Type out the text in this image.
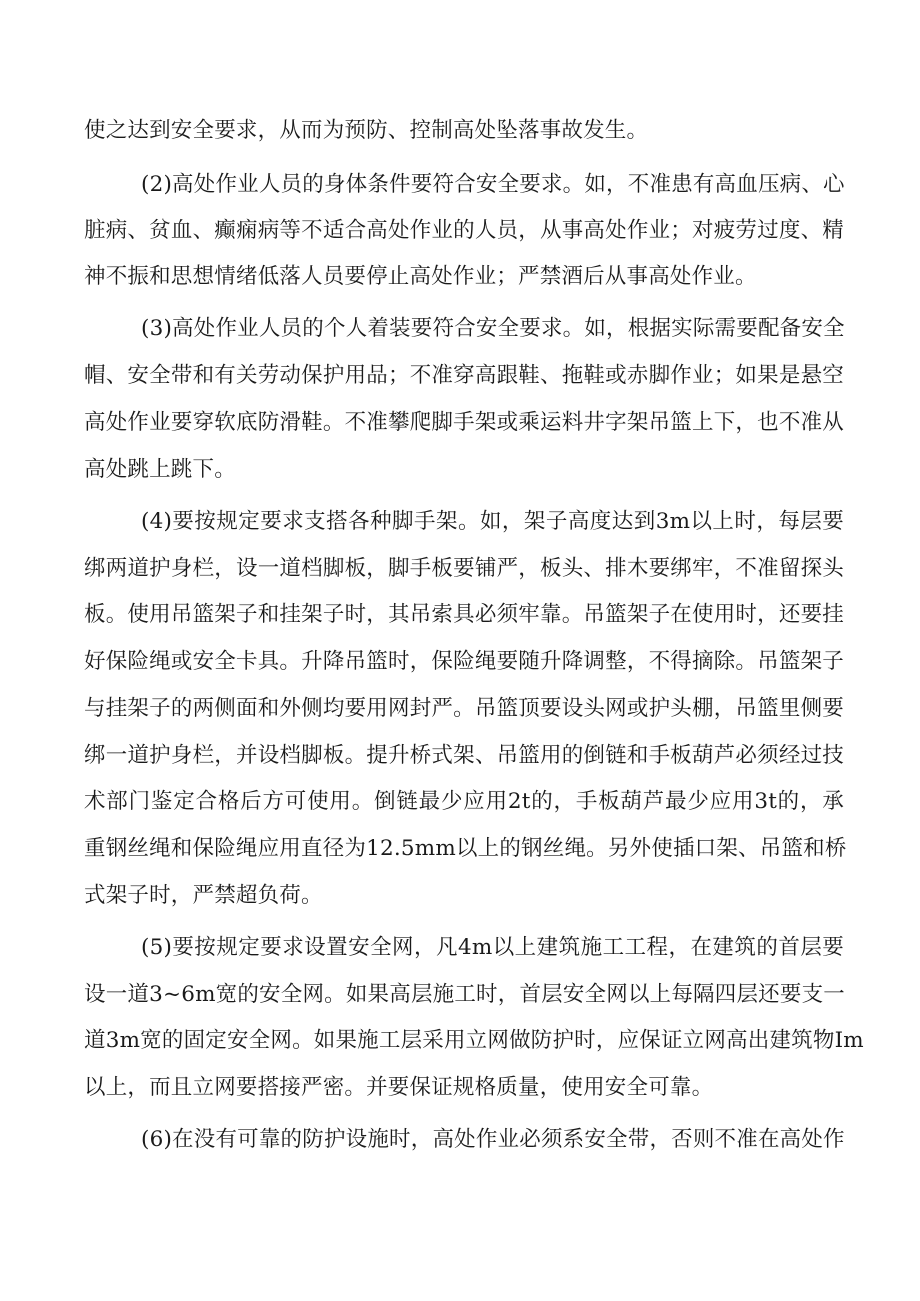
使之达到安全要求，从而为预防、控制高处坠落事故发生。
(2)高处作业人员的身体条件要符合安全要求。如，不准患有高血压病、心
脏病、贫血、癫痫病等不适合高处作业的人员，从事高处作业；对疲劳过度、精
神不振和思想情绪低落人员要停止高处作业；严禁酒后从事高处作业。
(3)高处作业人员的个人着装要符合安全要求。如，根据实际需要配备安全
帽、安全带和有关劳动保护用品；不准穿高跟鞋、拖鞋或赤脚作业；如果是悬空
高处作业要穿软底防滑鞋。不准攀爬脚手架或乘运料井字架吊篮上下，也不准从
高处跳上跳下。
(4)要按规定要求支搭各种脚手架。如，架子高度达到3m以上时，每层要
绑两道护身栏，设一道档脚板，脚手板要铺严，板头、排木要绑牢，不准留探头
板。使用吊篮架子和挂架子时，其吊索具必须牢靠。吊篮架子在使用时，还要挂
好保险绳或安全卡具。升降吊篮时，保险绳要随升降调整，不得摘除。吊篮架子
与挂架子的两侧面和外侧均要用网封严。吊篮顶要设头网或护头棚，吊篮里侧要
绑一道护身栏，并设档脚板。提升桥式架、吊篮用的倒链和手板葫芦必须经过技
术部门鉴定合格后方可使用。倒链最少应用2t的，手板葫芦最少应用3t的，承
重钢丝绳和保险绳应用直径为12.5mm以上的钢丝绳。另外使插口架、吊篮和桥
式架子时，严禁超负荷。
(5)要按规定要求设置安全网，凡4m以上建筑施工工程，在建筑的首层要
设一道3~6m宽的安全网。如果高层施工时，首层安全网以上每隔四层还要支一
道3m宽的固定安全网。如果施工层采用立网做防护时，应保证立网高出建筑物Im
以上，而且立网要搭接严密。并要保证规格质量，使用安全可靠。
(6)在没有可靠的防护设施时，高处作业必须系安全带，否则不准在高处作
